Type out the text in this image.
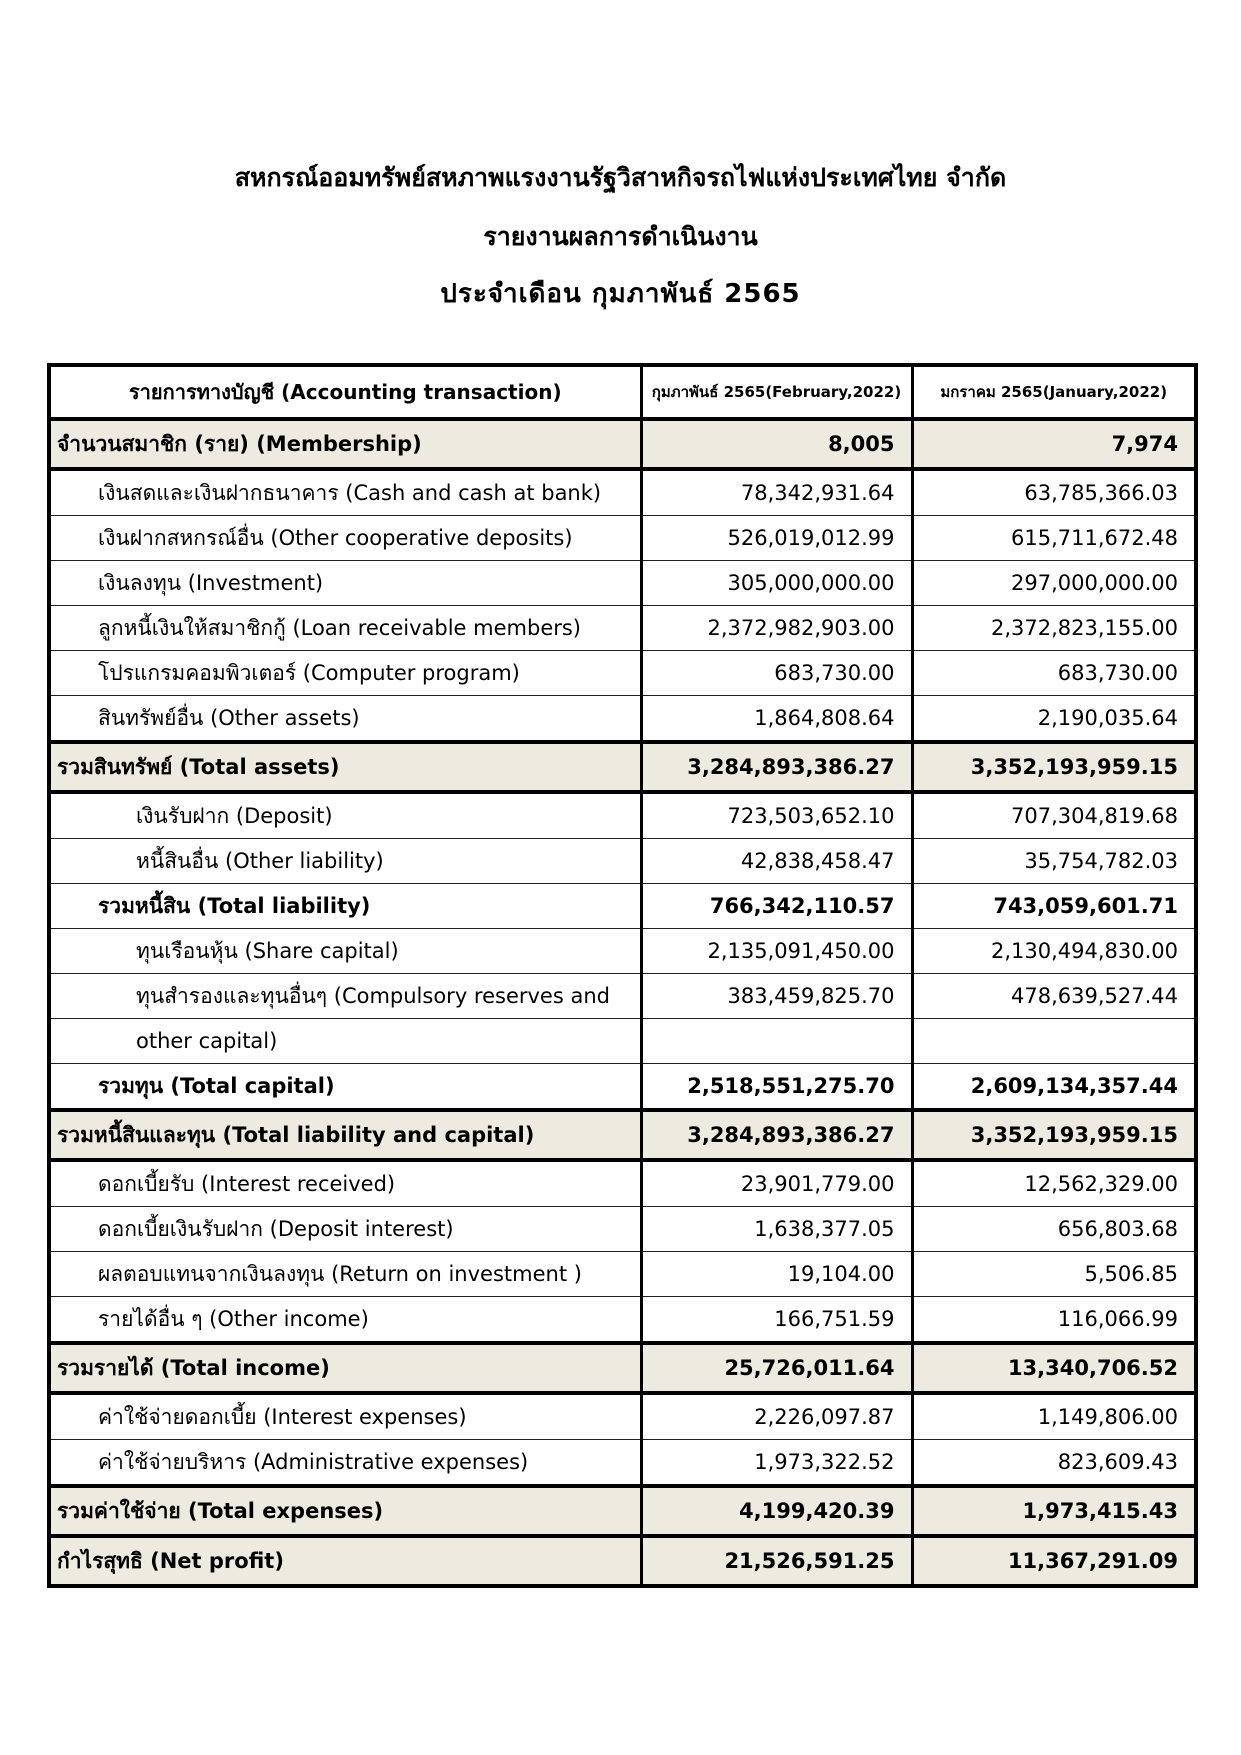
สหกรณ์ออมทรัพย์สหภาพแรงงานรัฐวิสาหกิจรถไฟแห่งประเทศไทย จำกัด
รายงานผลการดำเนินงาน
ประจำเดือน กุมภาพันธ์ 2565
รายการทางบัญชี (Accounting transaction)	กุมภาพันธ์ 2565(February,2022)	มกราคม 2565(January,2022)
จำนวนสมาชิก (ราย) (Membership)	8,005	7,974
เงินสดและเงินฝากธนาคาร (Cash and cash at bank)	78,342,931.64	63,785,366.03
เงินฝากสหกรณ์อื่น (Other cooperative deposits)	526,019,012.99	615,711,672.48
เงินลงทุน (Investment)	305,000,000.00	297,000,000.00
ลูกหนี้เงินให้สมาชิกกู้ (Loan receivable members)	2,372,982,903.00	2,372,823,155.00
โปรแกรมคอมพิวเตอร์ (Computer program)	683,730.00	683,730.00
สินทรัพย์อื่น (Other assets)	1,864,808.64	2,190,035.64
รวมสินทรัพย์ (Total assets)	3,284,893,386.27	3,352,193,959.15
เงินรับฝาก (Deposit)	723,503,652.10	707,304,819.68
หนี้สินอื่น (Other liability)	42,838,458.47	35,754,782.03
รวมหนี้สิน (Total liability)	766,342,110.57	743,059,601.71
ทุนเรือนหุ้น (Share capital)	2,135,091,450.00	2,130,494,830.00
ทุนสำรองและทุนอื่นๆ (Compulsory reserves and	383,459,825.70	478,639,527.44
other capital)		
รวมทุน (Total capital)	2,518,551,275.70	2,609,134,357.44
รวมหนี้สินและทุน (Total liability and capital)	3,284,893,386.27	3,352,193,959.15
ดอกเบี้ยรับ (Interest received)	23,901,779.00	12,562,329.00
ดอกเบี้ยเงินรับฝาก (Deposit interest)	1,638,377.05	656,803.68
ผลตอบแทนจากเงินลงทุน (Return on investment )	19,104.00	5,506.85
รายได้อื่น ๆ (Other income)	166,751.59	116,066.99
รวมรายได้ (Total income)	25,726,011.64	13,340,706.52
ค่าใช้จ่ายดอกเบี้ย (Interest expenses)	2,226,097.87	1,149,806.00
ค่าใช้จ่ายบริหาร (Administrative expenses)	1,973,322.52	823,609.43
รวมค่าใช้จ่าย (Total expenses)	4,199,420.39	1,973,415.43
กำไรสุทธิ (Net profit)	21,526,591.25	11,367,291.09
